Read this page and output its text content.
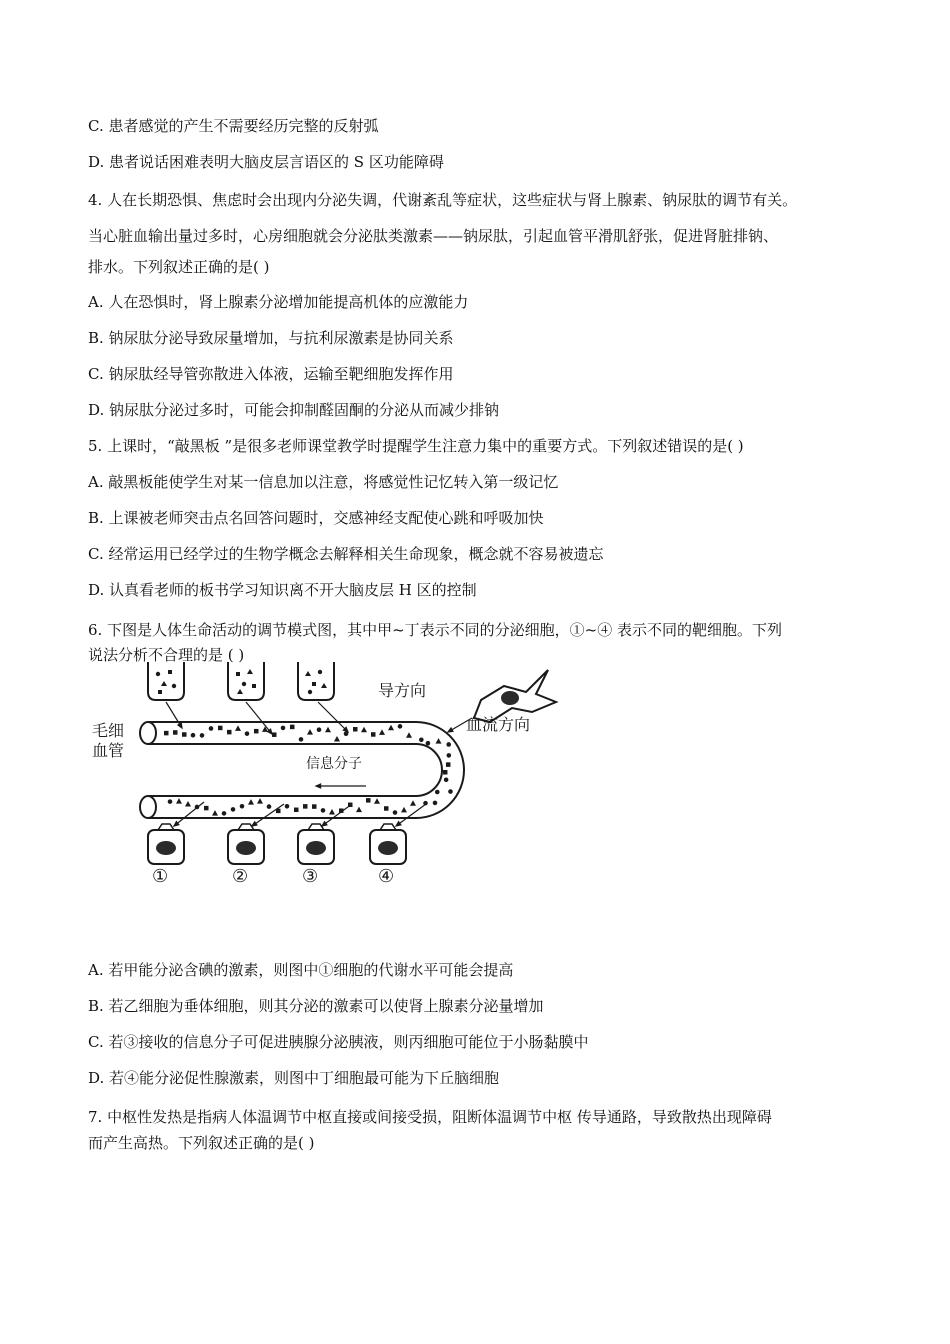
C. 患者感觉的产生不需要经历完整的反射弧
D. 患者说话困难表明大脑皮层言语区的 S 区功能障碍
4. 人在长期恐惧、焦虑时会出现内分泌失调，代谢紊乱等症状，这些症状与肾上腺素、钠尿肽的调节有关。
当心脏血输出量过多时，心房细胞就会分泌肽类激素——钠尿肽，引起血管平滑肌舒张，促进肾脏排钠、
排水。下列叙述正确的是( )
A. 人在恐惧时，肾上腺素分泌增加能提高机体的应激能力
B. 钠尿肽分泌导致尿量增加，与抗利尿激素是协同关系
C. 钠尿肽经导管弥散进入体液，运输至靶细胞发挥作用
D. 钠尿肽分泌过多时，可能会抑制醛固酮的分泌从而减少排钠
5. 上课时，“敲黑板 ”是很多老师课堂教学时提醒学生注意力集中的重要方式。下列叙述错误的是( )
A. 敲黑板能使学生对某一信息加以注意，将感觉性记忆转入第一级记忆
B. 上课被老师突击点名回答问题时，交感神经支配使心跳和呼吸加快
C. 经常运用已经学过的生物学概念去解释相关生命现象，概念就不容易被遗忘
D. 认真看老师的板书学习知识离不开大脑皮层 H 区的控制
6. 下图是人体生命活动的调节模式图，其中甲~丁表示不同的分泌细胞，①~④ 表示不同的靶细胞。下列
说法分析不合理的是 ( )
毛细
血管
信息分子
血流方向
导方向
①	②	③	④
A. 若甲能分泌含碘的激素，则图中①细胞的代谢水平可能会提高
B. 若乙细胞为垂体细胞，则其分泌的激素可以使肾上腺素分泌量增加
C. 若③接收的信息分子可促进胰腺分泌胰液，则丙细胞可能位于小肠黏膜中
D. 若④能分泌促性腺激素，则图中丁细胞最可能为下丘脑细胞
7. 中枢性发热是指病人体温调节中枢直接或间接受损，阻断体温调节中枢 传导通路，导致散热出现障碍
而产生高热。下列叙述正确的是( )
